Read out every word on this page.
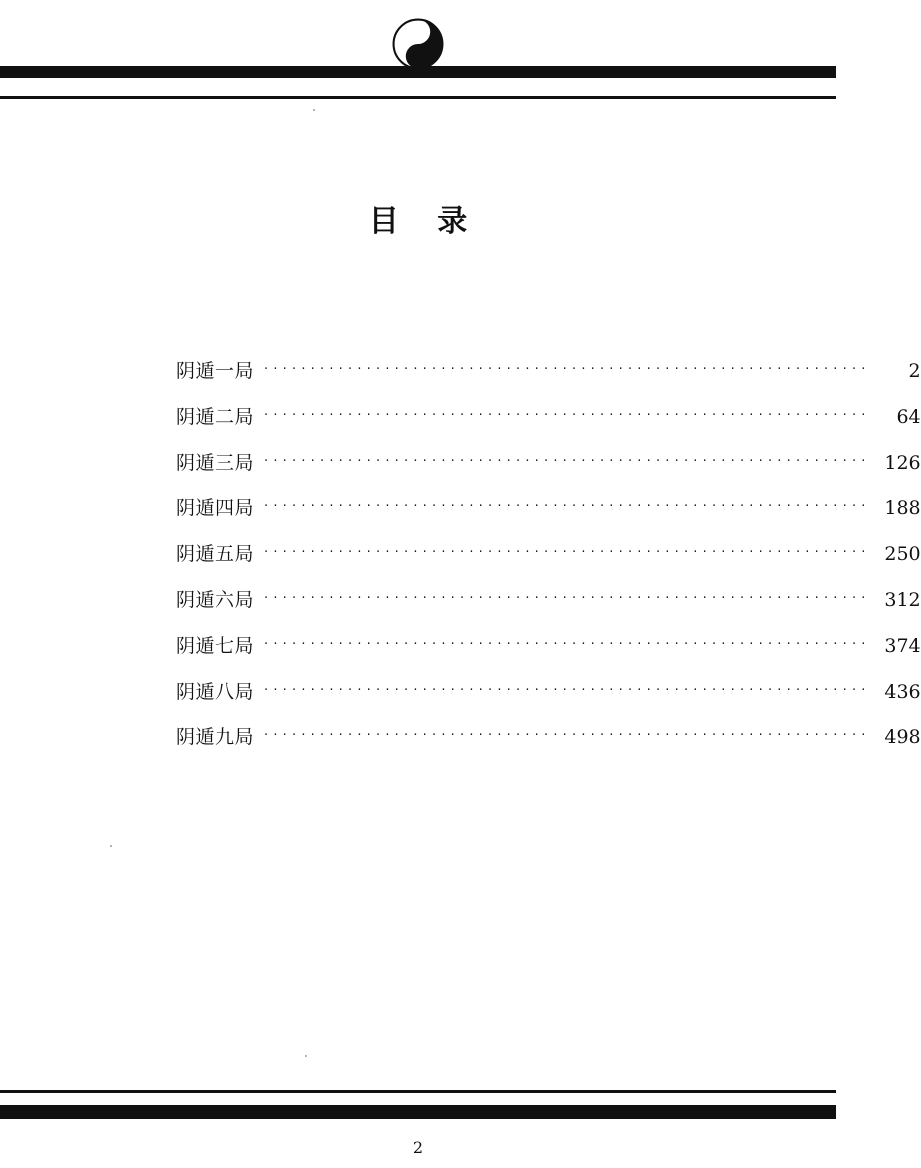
目 录
阴遁一局 ·································································	2
阴遁二局 ·································································	64
阴遁三局 ································································· 126
阴遁四局 ································································· 188
阴遁五局 ································································· 250
阴遁六局 ································································· 312
阴遁七局 ································································· 374
阴遁八局 ································································· 436
阴遁九局 ································································· 498
2
